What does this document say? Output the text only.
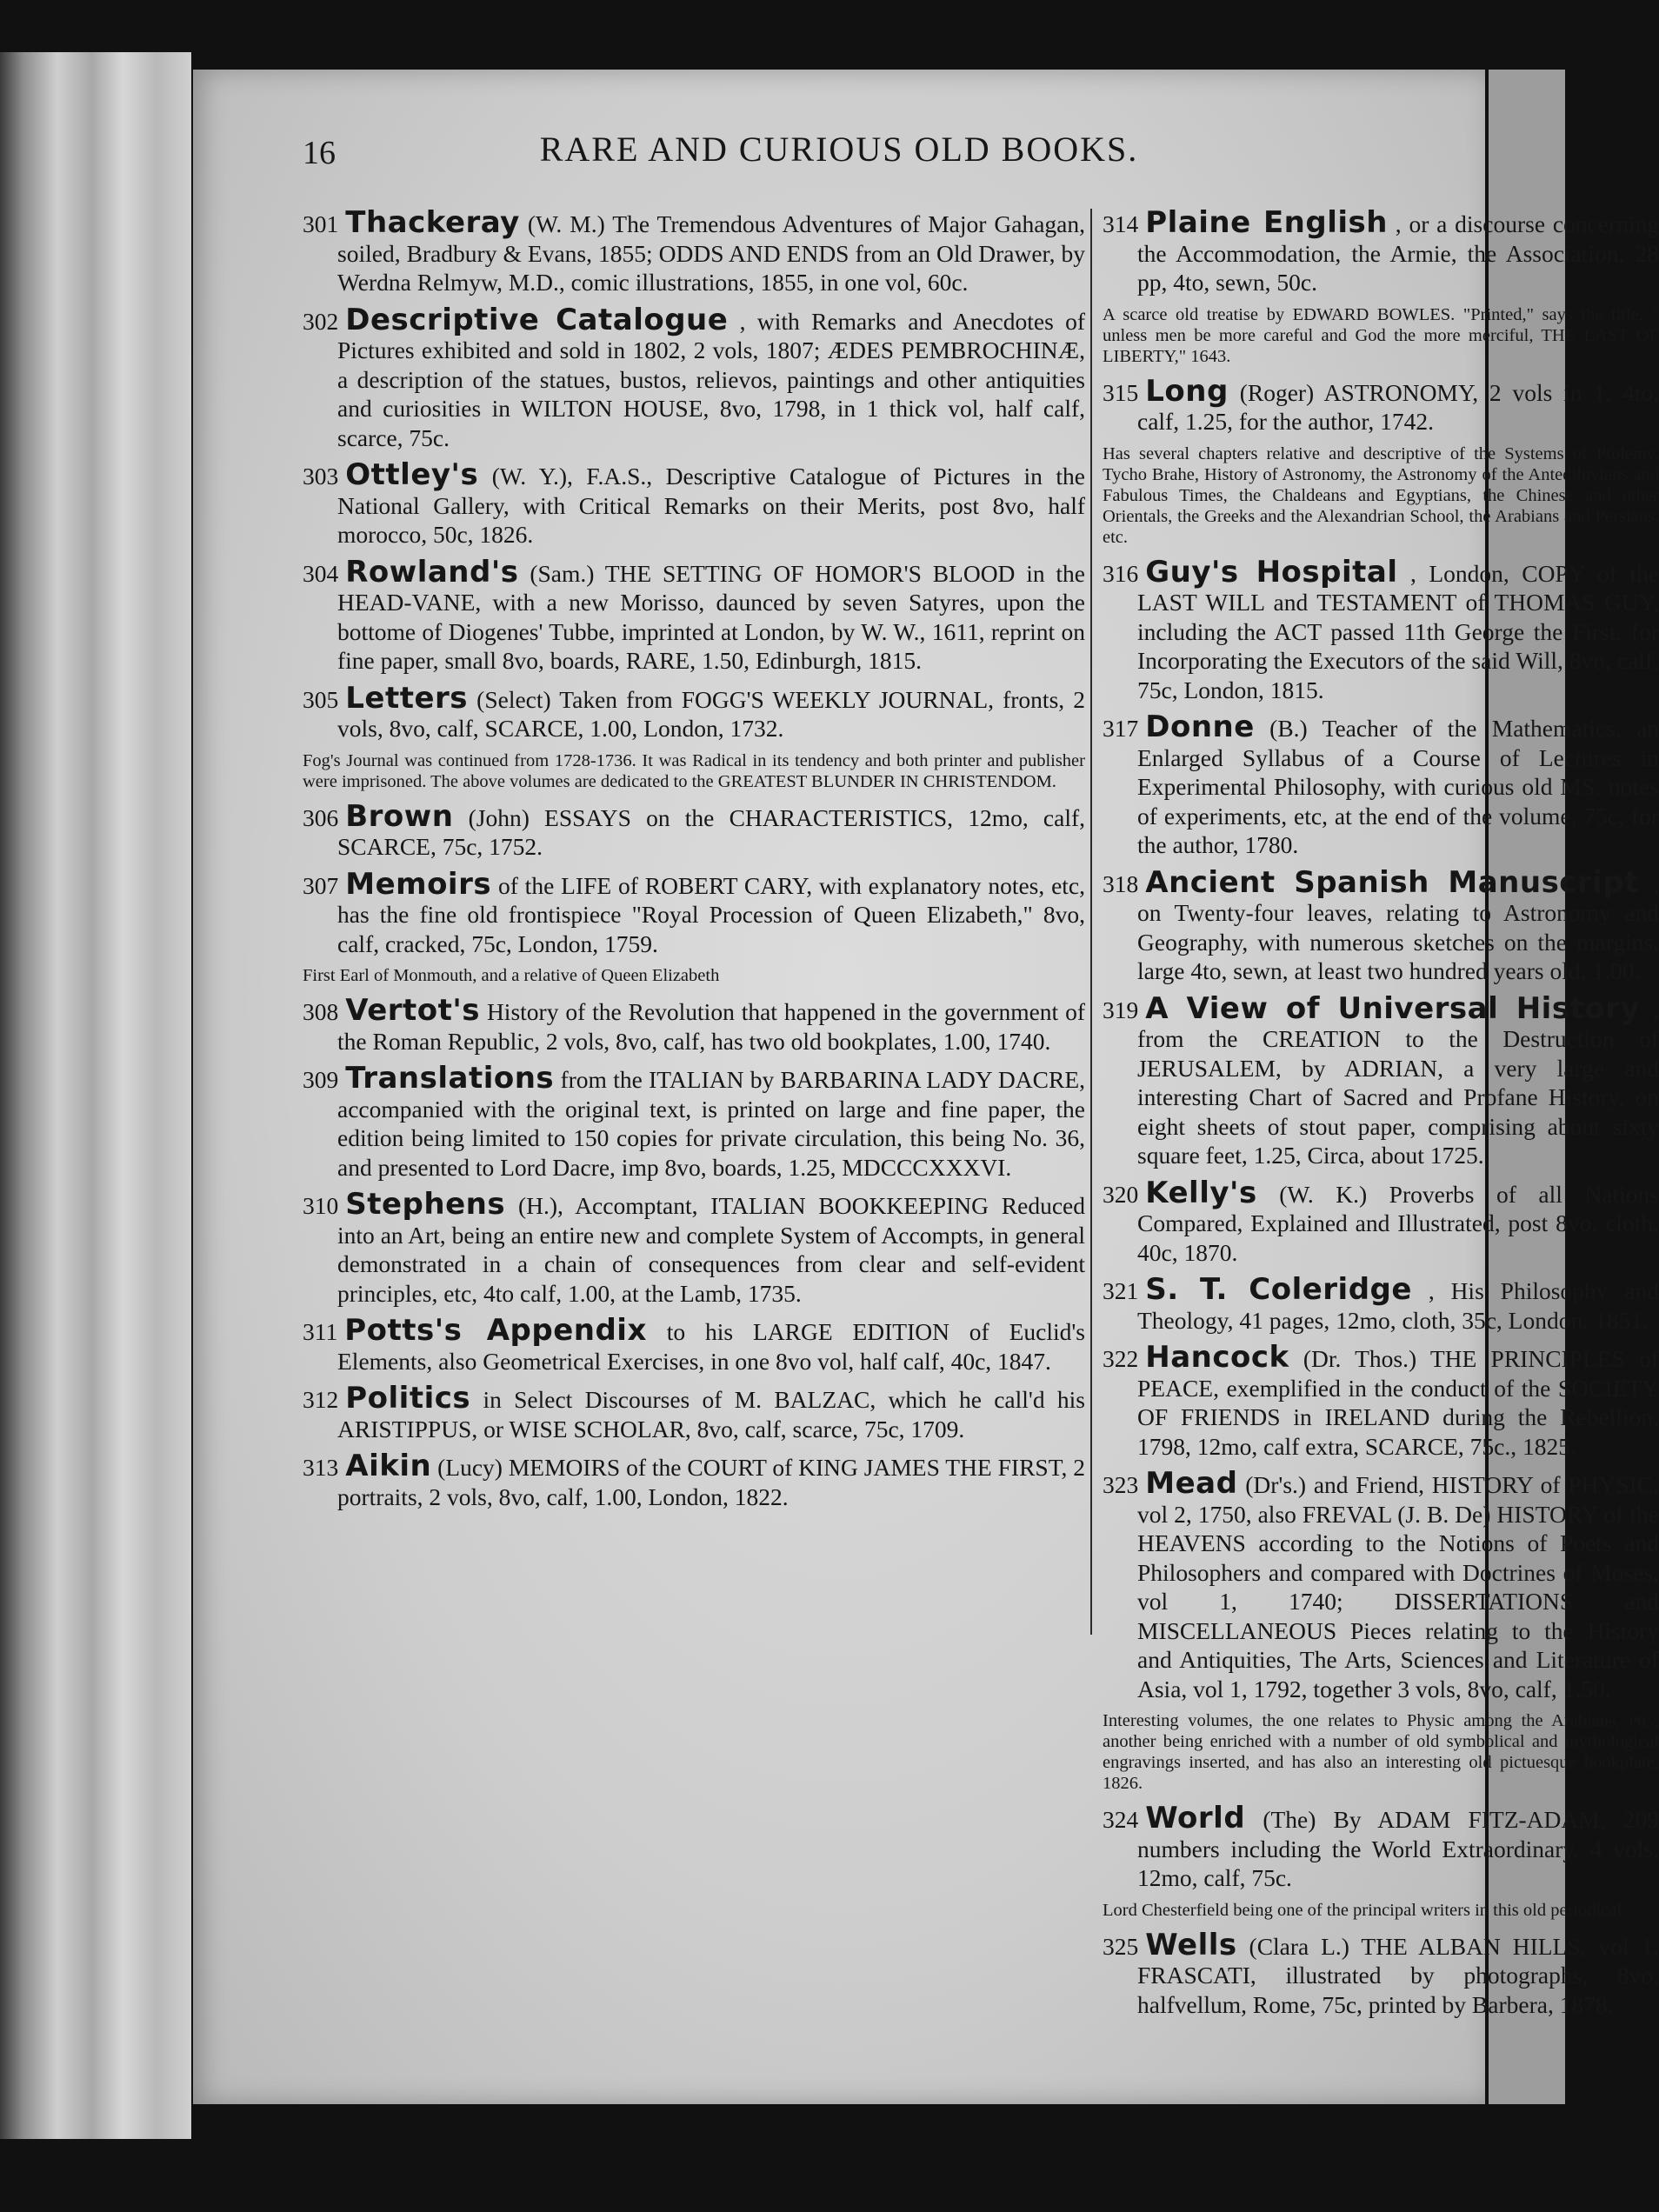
16	RARE AND CURIOUS OLD BOOKS.
301 Thackeray (W. M.) The Tremendous Adventures of Major Gahagan, soiled, Bradbury & Evans, 1855; ODDS AND ENDS from an Old Drawer, by Werdna Relmyw, M.D., comic illustrations, 1855, in one vol, 60c.
302 Descriptive Catalogue , with Remarks and Anecdotes of Pictures exhibited and sold in 1802, 2 vols, 1807; ÆDES PEMBROCHINÆ, a description of the statues, bustos, relievos, paintings and other antiquities and curiosities in WILTON HOUSE, 8vo, 1798, in 1 thick vol, half calf, scarce, 75c.
303 Ottley's (W. Y.), F.A.S., Descriptive Catalogue of Pictures in the National Gallery, with Critical Remarks on their Merits, post 8vo, half morocco, 50c, 1826.
304 Rowland's (Sam.) THE SETTING OF HOMOR'S BLOOD in the HEAD-VANE, with a new Morisso, daunced by seven Satyres, upon the bottome of Diogenes' Tubbe, imprinted at London, by W. W., 1611, reprint on fine paper, small 8vo, boards, RARE, 1.50, Edinburgh, 1815.
305 Letters (Select) Taken from FOGG'S WEEKLY JOURNAL, fronts, 2 vols, 8vo, calf, SCARCE, 1.00, London, 1732.
Fog's Journal was continued from 1728-1736. It was Radical in its tendency and both printer and publisher were imprisoned. The above volumes are dedicated to the GREATEST BLUNDER IN CHRISTENDOM.
306 Brown (John) ESSAYS on the CHARACTERISTICS, 12mo, calf, SCARCE, 75c, 1752.
307 Memoirs of the LIFE of ROBERT CARY, with explanatory notes, etc, has the fine old frontispiece "Royal Procession of Queen Elizabeth," 8vo, calf, cracked, 75c, London, 1759.
First Earl of Monmouth, and a relative of Queen Elizabeth
308 Vertot's History of the Revolution that happened in the government of the Roman Republic, 2 vols, 8vo, calf, has two old bookplates, 1.00, 1740.
309 Translations from the ITALIAN by BARBARINA LADY DACRE, accompanied with the original text, is printed on large and fine paper, the edition being limited to 150 copies for private circulation, this being No. 36, and presented to Lord Dacre, imp 8vo, boards, 1.25, MDCCCXXXVI.
310 Stephens (H.), Accomptant, ITALIAN BOOKKEEPING Reduced into an Art, being an entire new and complete System of Accompts, in general demonstrated in a chain of consequences from clear and self-evident principles, etc, 4to calf, 1.00, at the Lamb, 1735.
311 Potts's Appendix to his LARGE EDITION of Euclid's Elements, also Geometrical Exercises, in one 8vo vol, half calf, 40c, 1847.
312 Politics in Select Discourses of M. BALZAC, which he call'd his ARISTIPPUS, or WISE SCHOLAR, 8vo, calf, scarce, 75c, 1709.
313 Aikin (Lucy) MEMOIRS of the COURT of KING JAMES THE FIRST, 2 portraits, 2 vols, 8vo, calf, 1.00, London, 1822.
314 Plaine English , or a discourse concerning the Accommodation, the Armie, the Association, 28 pp, 4to, sewn, 50c.
A scarce old treatise by EDWARD BOWLES. "Printed," says the title, " unless men be more careful and God the more merciful, THE LAST OF LIBERTY," 1643.
315 Long (Roger) ASTRONOMY, 2 vols in 1, 4to, calf, 1.25, for the author, 1742.
Has several chapters relative and descriptive of the Systems of Ptolemy, Tycho Brahe, History of Astronomy, the Astronomy of the Antediluvians and Fabulous Times, the Chaldeans and Egyptians, the Chinese and other Orientals, the Greeks and the Alexandrian School, the Arabians and Persians, etc.
316 Guy's Hospital , London, COPY of the LAST WILL and TESTAMENT of THOMAS GUY, including the ACT passed 11th George the First, for Incorporating the Executors of the said Will, 8vo, calf, 75c, London, 1815.
317 Donne (B.) Teacher of the Mathematics, an Enlarged Syllabus of a Course of Lectures in Experimental Philosophy, with curious old MS. notes of experiments, etc, at the end of the volume, 75c, for the author, 1780.
318 Ancient Spanish Manuscript , on Twenty-four leaves, relating to Astronomy and Geography, with numerous sketches on the margins, large 4to, sewn, at least two hundred years old, 1.00.
319 A View of Universal History , from the CREATION to the Destruction of JERUSALEM, by ADRIAN, a very large and interesting Chart of Sacred and Profane History, on eight sheets of stout paper, comprising about sixty square feet, 1.25, Circa, about 1725.
320 Kelly's (W. K.) Proverbs of all Nations Compared, Explained and Illustrated, post 8vo, cloth, 40c, 1870.
321 S. T. Coleridge , His Philosophy and Theology, 41 pages, 12mo, cloth, 35c, London, 1851.
322 Hancock (Dr. Thos.) THE PRINCIPLES of PEACE, exemplified in the conduct of the SOCIETY OF FRIENDS in IRELAND during the Rebellion, 1798, 12mo, calf extra, SCARCE, 75c., 1825.
323 Mead (Dr's.) and Friend, HISTORY of PHYSIC, vol 2, 1750, also FREVAL (J. B. De) HISTORY of the HEAVENS according to the Notions of Poets and Philosophers and compared with Doctrines of Moses, vol 1, 1740; DISSERTATIONS and MISCELLANEOUS Pieces relating to the History and Antiquities, The Arts, Sciences and Literature of Asia, vol 1, 1792, together 3 vols, 8vo, calf, 1.50.
Interesting volumes, the one relates to Physic among the Arabians, etc., another being enriched with a number of old symbolical and mythological engravings inserted, and has also an interesting old pictuesque bookplate, 1826.
324 World (The) By ADAM FITZ-ADAM, 209 numbers including the World Extraordinary, 4 vols, 12mo, calf, 75c.
Lord Chesterfield being one of the principal writers in this old periodical.
325 Wells (Clara L.) THE ALBAN HILLS, vol 1, FRASCATI, illustrated by photographs, 8vo, halfvellum, Rome, 75c, printed by Barbera, 1878.
